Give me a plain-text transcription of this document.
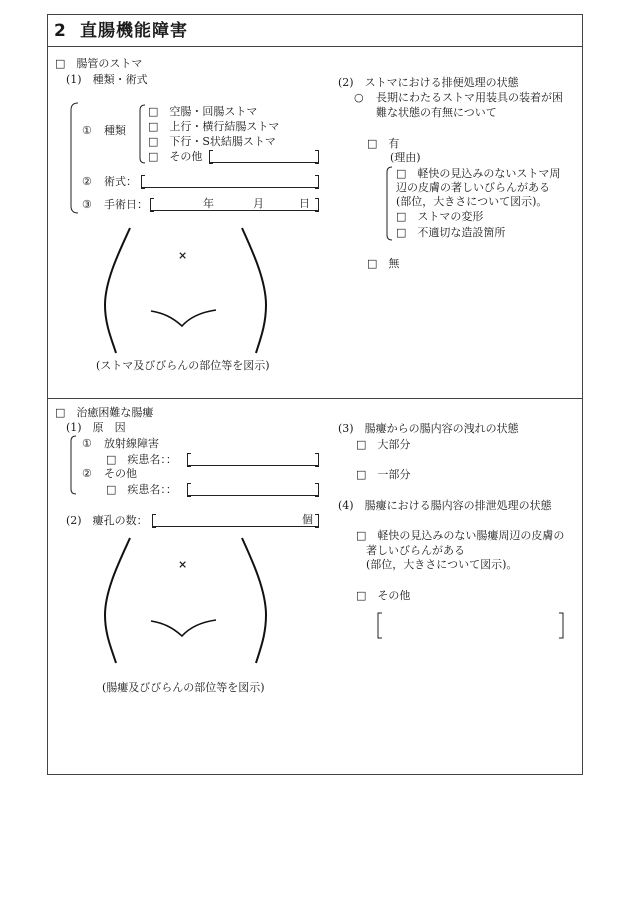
2 直腸機能障害
□　腸管のストマ
(1)　種類・術式
① 種類
□　空腸・回腸ストマ
□　上行・横行結腸ストマ
□　下行・S状結腸ストマ
□　その他
② 術式：
③ 手術日：	年	月	日
×
(ストマ及びびらんの部位等を図示)
(2)　ストマにおける排便処理の状態
○ 長期にわたるストマ用装具の装着が困
難な状態の有無について
□　有
(理由)
□　軽快の見込みのないストマ周
辺の皮膚の著しいびらんがある
(部位，大きさについて図示)。
□　ストマの変形
□　不適切な造設箇所
□　無
□　治癒困難な腸瘻
(1)　原　因
① 放射線障害
□　疾患名：：
② その他
□　疾患名：：
(2)　瘻孔の数：	個
×
(腸瘻及びびらんの部位等を図示)
(3)　腸瘻からの腸内容の洩れの状態
□　大部分
□　一部分
(4)　腸瘻における腸内容の排泄処理の状態
□　軽快の見込みのない腸瘻周辺の皮膚の
著しいびらんがある
(部位，大きさについて図示)。
□　その他
